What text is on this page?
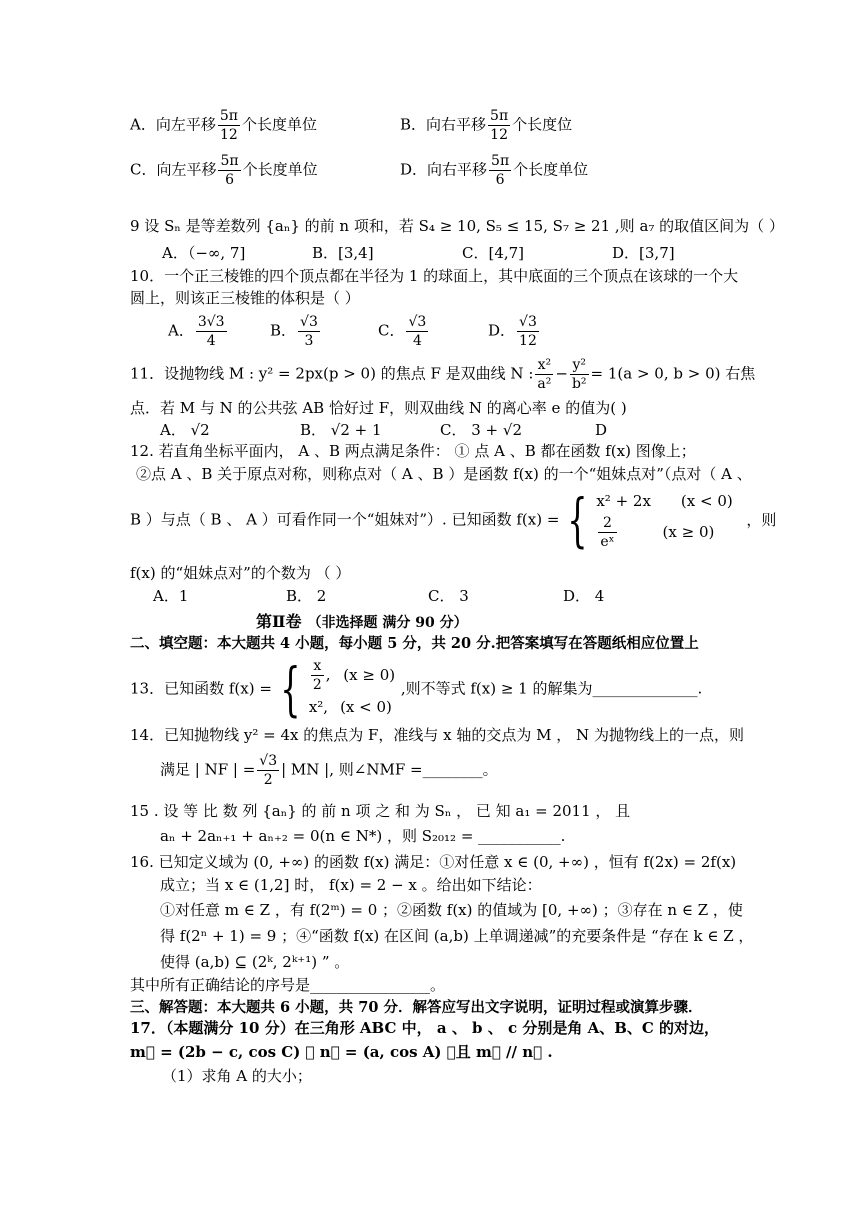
A．向左平移 $\frac{5\pi}{12}$ 个长度单位	B．向右平移 $\frac{5\pi}{12}$ 个长度位
C．向左平移 $\frac{5\pi}{6}$ 个长度单位	D．向右平移 $\frac{5\pi}{6}$ 个长度单位
9 设 Sₙ 是等差数列 {aₙ} 的前 n 项和，若 S₄ ≥ 10, S₅ ≤ 15, S₇ ≥ 21 ,则 a₇ 的取值区间为（ ）
A．（−∞, 7]	B．[3,4]	C．[4,7]	D．[3,7]
10．一个正三棱锥的四个顶点都在半径为 1 的球面上，其中底面的三个顶点在该球的一个大
圆上，则该正三棱锥的体积是（ ）
A． $\frac{3√3}{4}$	B． $\frac{√3}{3}$	C． $\frac{√3}{4}$	D． $\frac{√3}{12}$
11．设抛物线 M : y² = 2px(p > 0) 的焦点 F 是双曲线 N : $\frac{\text{x²}}{\text{a²}} - \frac{\text{y²}}{\text{b²}} = 1(a > 0$, b > 0) 右焦
点．若 M 与 N 的公共弦 AB 恰好过 F，则双曲线 N 的离心率 e 的值为( )
A． √2	B． √2 + 1	C． 3 + √2	D
12. 若直角坐标平面内， A 、B 两点满足条件： ① 点 A 、B 都在函数 f(x) 图像上；
②点 A 、B 关于原点对称，则称点对（ A 、B ）是函数 f(x) 的一个“姐妹点对”（点对（ A 、
B ）与点（ B 、 A ）可看作同一个“姐妹对”）. 已知函数 f(x) = { x² + 2x (x < 0)
$\frac{2}{\text{eˣ}}$	(x ≥ 0)
，则
f(x) 的“姐妹点对”的个数为 （ ）
A．1	B． 2	C． 3	D． 4
第Ⅱ卷 （非选择题 满分 90 分）
二、填空题：本大题共 4 小题，每小题 5 分，共 20 分.把答案填写在答题纸相应位置上
13．已知函数 f(x) = { $\frac{x}{2}$ , (x ≥ 0)
x², (x < 0)
,则不等式 f(x) ≥ 1 的解集为______________.
14．已知抛物线 y² = 4x 的焦点为 F，准线与 x 轴的交点为 M ， N 为抛物线上的一点，则
满足 | NF | = $\frac{√3}{2}$ | MN |, 则∠NMF =________。
15 . 设 等 比 数 列 {aₙ} 的 前 n 项 之 和 为 Sₙ ， 已 知 a₁ = 2011 ， 且
aₙ + 2aₙ₊₁ + aₙ₊₂ = 0(n ∈ N*) ，则 S₂₀₁₂ = ___________.
16. 已知定义域为 (0, +∞) 的函数 f(x) 满足：①对任意 x ∈ (0, +∞) ，恒有 f(2x) = 2f(x)
成立；当 x ∈ (1,2] 时， f(x) = 2 − x 。给出如下结论：
①对任意 m ∈ Z ，有 f(2ᵐ) = 0 ；②函数 f(x) 的值域为 [0, +∞) ；③存在 n ∈ Z ，使
得 f(2ⁿ + 1) = 9 ；④“函数 f(x) 在区间 (a,b) 上单调递减”的充要条件是 “存在 k ∈ Z ，
使得 (a,b) ⊆ (2ᵏ, 2ᵏ⁺¹) ” 。
其中所有正确结论的序号是________________。
三、解答题：本大题共 6 小题，共 70 分．解答应写出文字说明，证明过程或演算步骤．
17．（本题满分 10 分）在三角形 ABC 中， a 、 b 、 c 分别是角 A、B、C 的对边，
m⃗ = (2b − c, cos C) ， n⃗ = (a, cos A) ，且 m⃗ // n⃗ .
（1）求角 A 的大小；
